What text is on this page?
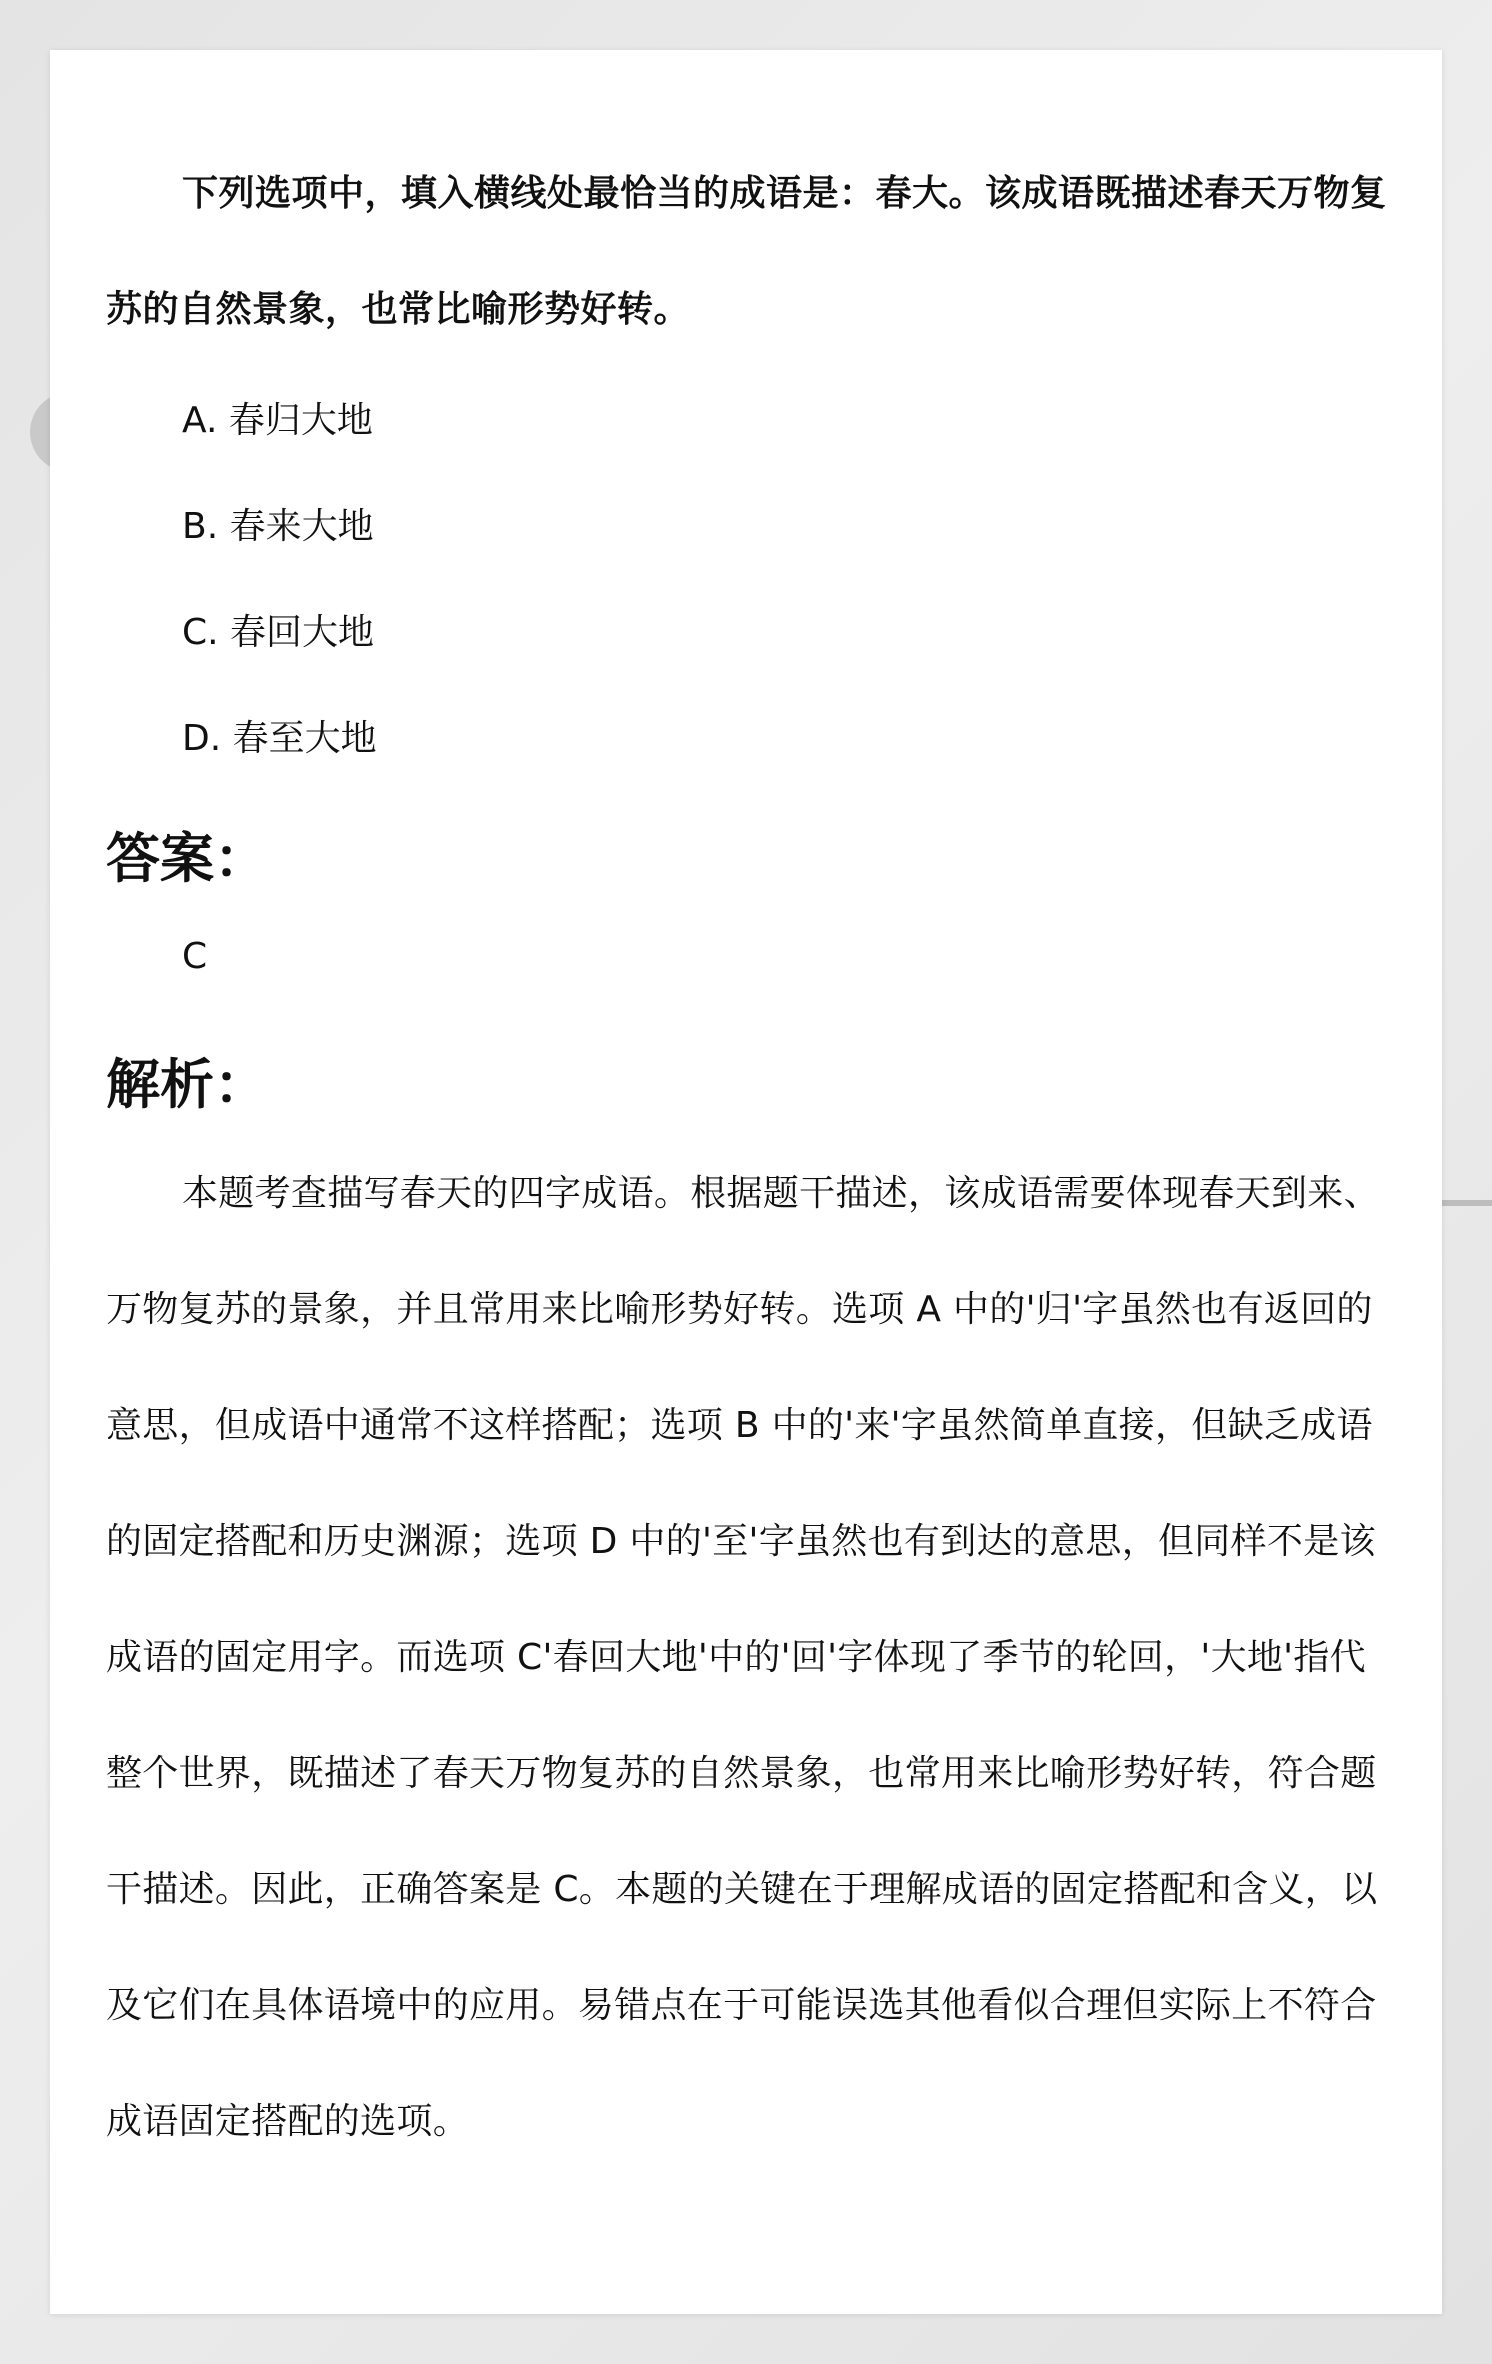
下列选项中，填入横线处最恰当的成语是：春大。该成语既描述春天万物复苏的自然景象，也常比喻形势好转。

A. 春归大地
B. 春来大地
C. 春回大地
D. 春至大地
答案：
C
解析：

本题考查描写春天的四字成语。根据题干描述，该成语需要体现春天到来、万物复苏的景象，并且常用来比喻形势好转。选项 A 中的'归'字虽然也有返回的意思，但成语中通常不这样搭配；选项 B 中的'来'字虽然简单直接，但缺乏成语的固定搭配和历史渊源；选项 D 中的'至'字虽然也有到达的意思，但同样不是该成语的固定用字。而选项 C'春回大地'中的'回'字体现了季节的轮回，'大地'指代整个世界，既描述了春天万物复苏的自然景象，也常用来比喻形势好转，符合题干描述。因此，正确答案是 C。本题的关键在于理解成语的固定搭配和含义，以及它们在具体语境中的应用。易错点在于可能误选其他看似合理但实际上不符合成语固定搭配的选项。
